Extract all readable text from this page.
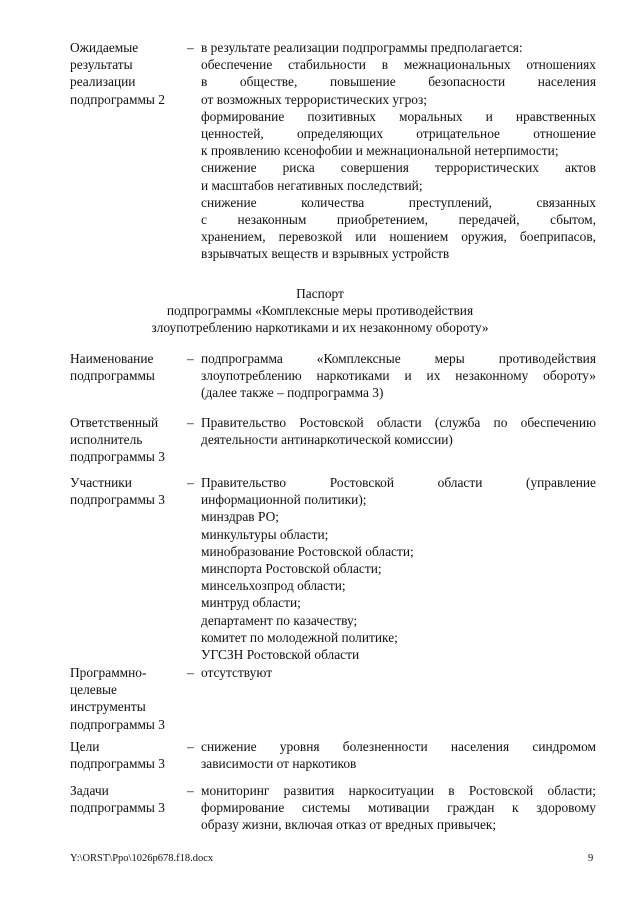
Ожидаемые
результаты
реализации
подпрограммы 2
– в результате реализации подпрограммы предполагается:
обеспечение стабильности в межнациональных отношениях
в обществе, повышение безопасности населения
от возможных террористических угроз;
формирование позитивных моральных и нравственных
ценностей, определяющих отрицательное отношение
к проявлению ксенофобии и межнациональной нетерпимости;
снижение риска совершения террористических актов
и масштабов негативных последствий;
снижение количества преступлений, связанных
с незаконным приобретением, передачей, сбытом,
хранением, перевозкой или ношением оружия, боеприпасов,
взрывчатых веществ и взрывных устройств
Паспорт
подпрограммы «Комплексные меры противодействия
злоупотреблению наркотиками и их незаконному обороту»
Наименование
подпрограммы
– подпрограмма «Комплексные меры противодействия
злоупотреблению наркотиками и их незаконному обороту»
(далее также – подпрограмма 3)
Ответственный
исполнитель
подпрограммы 3
– Правительство Ростовской области (служба по обеспечению
деятельности антинаркотической комиссии)
Участники
подпрограммы 3
– Правительство Ростовской области (управление
информационной политики);
минздрав РО;
минкультуры области;
минобразование Ростовской области;
минспорта Ростовской области;
минсельхозпрод области;
минтруд области;
департамент по казачеству;
комитет по молодежной политике;
УГСЗН Ростовской области
Программно-
целевые
инструменты
подпрограммы 3
– отсутствуют
Цели
подпрограммы 3
– снижение уровня болезненности населения синдромом
зависимости от наркотиков
Задачи
подпрограммы 3
– мониторинг развития наркоситуации в Ростовской области;
формирование системы мотивации граждан к здоровому
образу жизни, включая отказ от вредных привычек;
Y:\ORST\Ppo\1026p678.f18.docx	9
